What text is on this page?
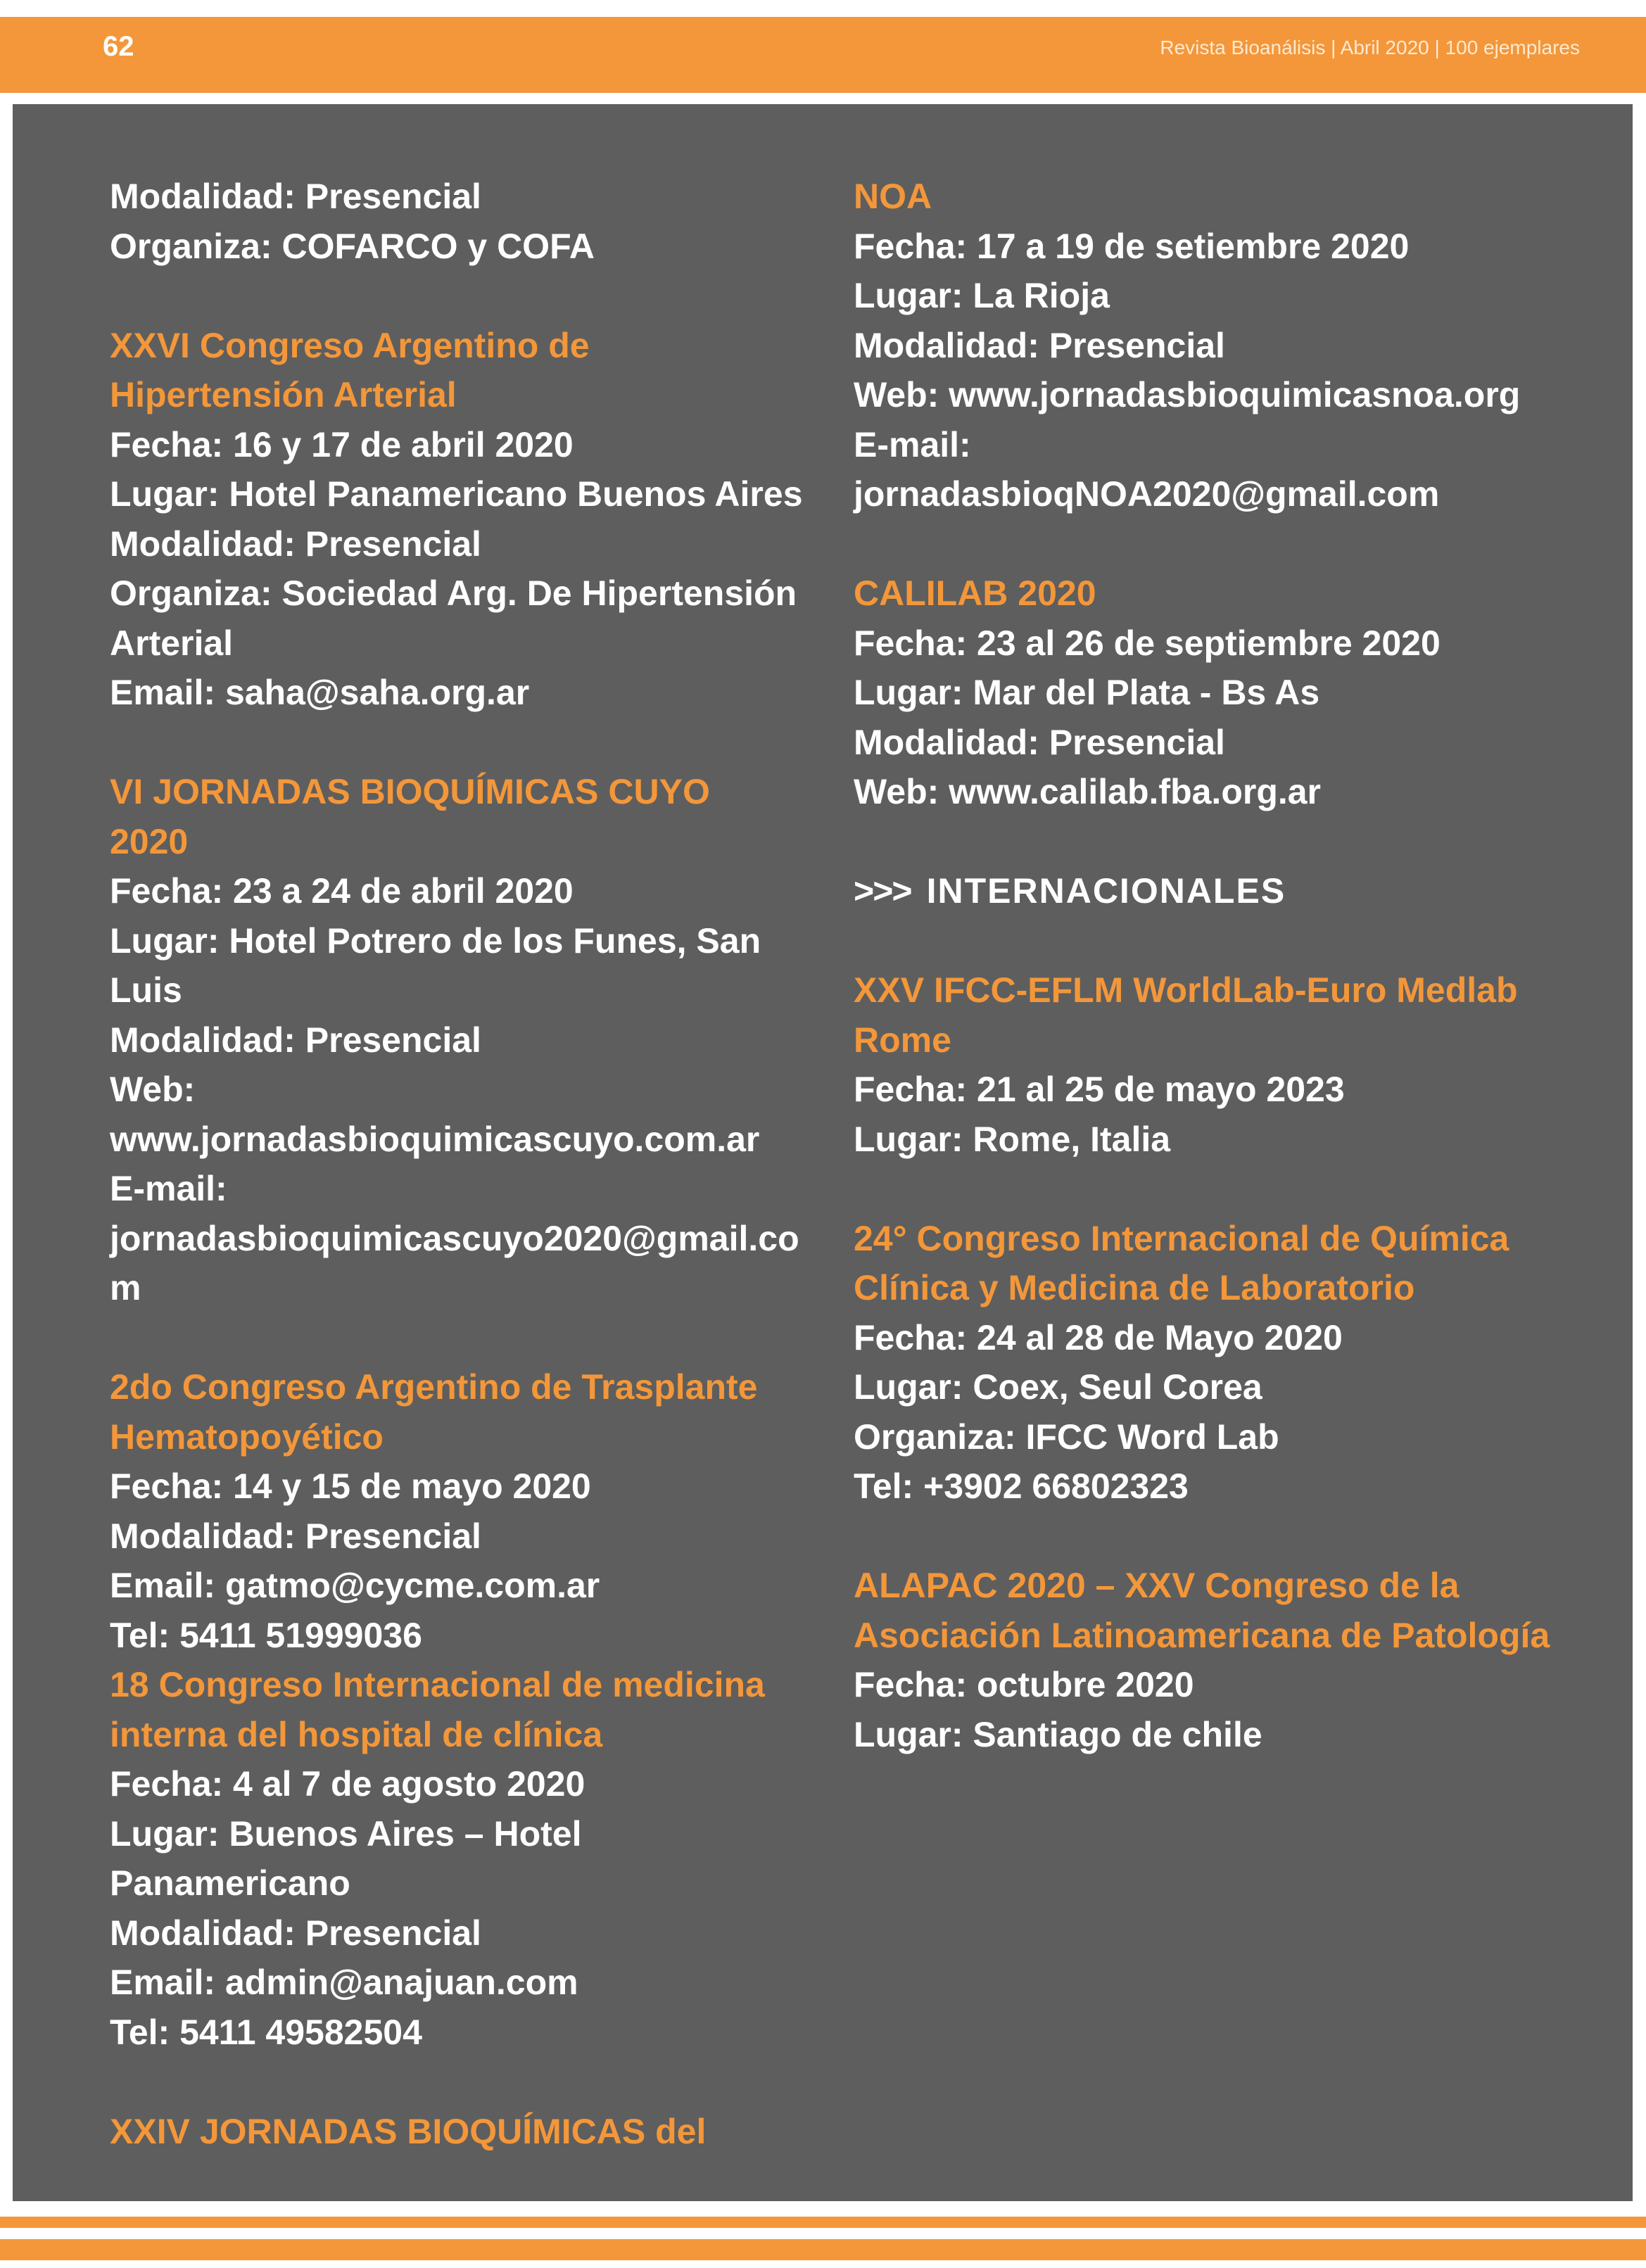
62	Revista Bioanálisis | Abril 2020 | 100 ejemplares
Modalidad: Presencial
Organiza: COFARCO y COFA
XXVI Congreso Argentino de
Hipertensión Arterial
Fecha: 16 y 17 de abril 2020
Lugar: Hotel Panamericano Buenos Aires
Modalidad: Presencial
Organiza: Sociedad Arg. De Hipertensión
Arterial
Email: saha@saha.org.ar
VI JORNADAS BIOQUÍMICAS CUYO
2020
Fecha: 23 a 24 de abril 2020
Lugar: Hotel Potrero de los Funes, San
Luis
Modalidad: Presencial
Web:
www.jornadasbioquimicascuyo.com.ar
E-mail:
jornadasbioquimicascuyo2020@gmail.co
m
2do Congreso Argentino de Trasplante
Hematopoyético
Fecha: 14 y 15 de mayo 2020
Modalidad: Presencial
Email: gatmo@cycme.com.ar
Tel: 5411 51999036
18 Congreso Internacional de medicina
interna del hospital de clínica
Fecha: 4 al 7 de agosto 2020
Lugar: Buenos Aires – Hotel
Panamericano
Modalidad: Presencial
Email: admin@anajuan.com
Tel: 5411 49582504
XXIV JORNADAS BIOQUÍMICAS del
NOA
Fecha: 17 a 19 de setiembre 2020
Lugar: La Rioja
Modalidad: Presencial
Web: www.jornadasbioquimicasnoa.org
E-mail:
jornadasbioqNOA2020@gmail.com
CALILAB 2020
Fecha: 23 al 26 de septiembre 2020
Lugar: Mar del Plata - Bs As
Modalidad: Presencial
Web: www.calilab.fba.org.ar
>>> INTERNACIONALES
XXV IFCC-EFLM WorldLab-Euro Medlab
Rome
Fecha: 21 al 25 de mayo 2023
Lugar: Rome, Italia
24° Congreso Internacional de Química
Clínica y Medicina de Laboratorio
Fecha: 24 al 28 de Mayo 2020
Lugar: Coex, Seul Corea
Organiza: IFCC Word Lab
Tel: +3902 66802323
ALAPAC 2020 – XXV Congreso de la
Asociación Latinoamericana de Patología
Fecha: octubre 2020
Lugar: Santiago de chile
